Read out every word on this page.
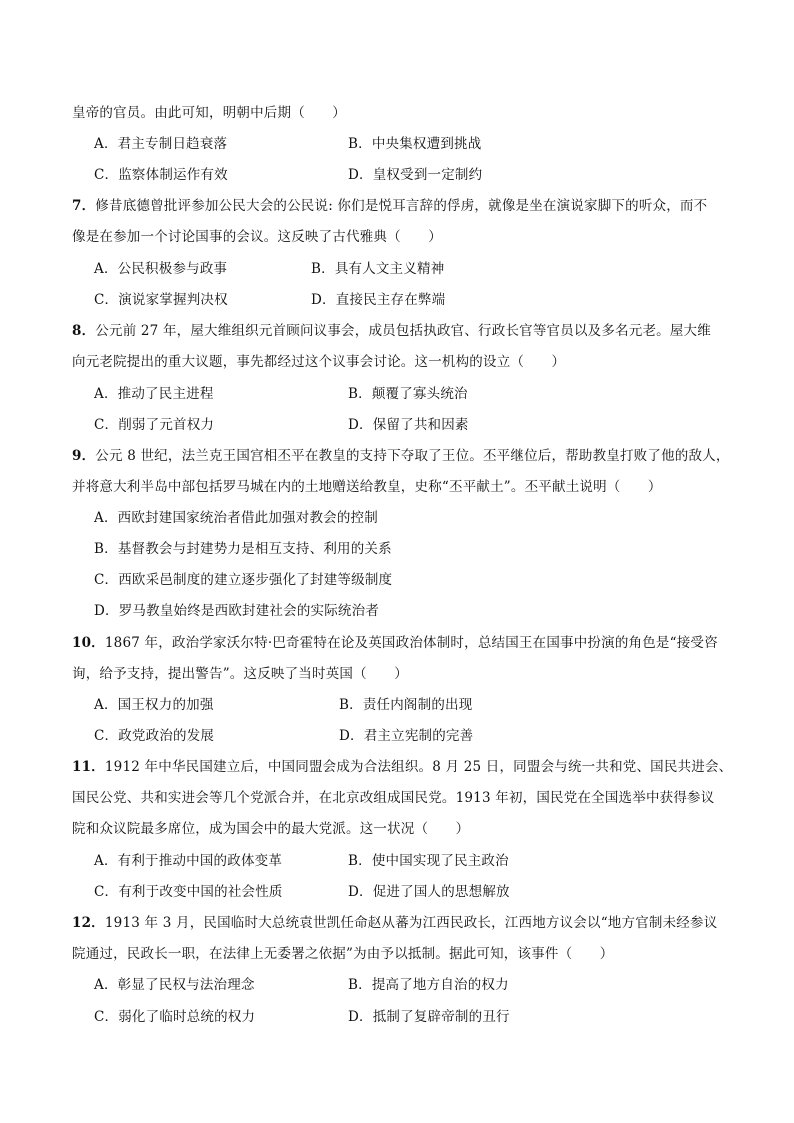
皇帝的官员。由此可知，明朝中后期（　　）
A．君主专制日趋衰落	B．中央集权遭到挑战
C．监察体制运作有效	D．皇权受到一定制约
7．修昔底德曾批评参加公民大会的公民说: 你们是悦耳言辞的俘虏，就像是坐在演说家脚下的听众，而不
像是在参加一个讨论国事的会议。这反映了古代雅典（　　）
A．公民积极参与政事	B．具有人文主义精神
C．演说家掌握判决权	D．直接民主存在弊端
8．公元前 27 年，屋大维组织元首顾问议事会，成员包括执政官、行政长官等官员以及多名元老。屋大维
向元老院提出的重大议题，事先都经过这个议事会讨论。这一机构的设立（　　）
A．推动了民主进程	B．颠覆了寡头统治
C．削弱了元首权力	D．保留了共和因素
9．公元 8 世纪，法兰克王国宫相丕平在教皇的支持下夺取了王位。丕平继位后，帮助教皇打败了他的敌人，
并将意大利半岛中部包括罗马城在内的土地赠送给教皇，史称“丕平献土”。丕平献土说明（　　）
A．西欧封建国家统治者借此加强对教会的控制
B．基督教会与封建势力是相互支持、利用的关系
C．西欧采邑制度的建立逐步强化了封建等级制度
D．罗马教皇始终是西欧封建社会的实际统治者
10．1867 年，政治学家沃尔特·巴奇霍特在论及英国政治体制时，总结国王在国事中扮演的角色是“接受咨
询，给予支持，提出警告”。这反映了当时英国（　　）
A．国王权力的加强	B．责任内阁制的出现
C．政党政治的发展	D．君主立宪制的完善
11．1912 年中华民国建立后，中国同盟会成为合法组织。8 月 25 日，同盟会与统一共和党、国民共进会、
国民公党、共和实进会等几个党派合并，在北京改组成国民党。1913 年初，国民党在全国选举中获得参议
院和众议院最多席位，成为国会中的最大党派。这一状况（　　）
A．有利于推动中国的政体变革	B．使中国实现了民主政治
C．有利于改变中国的社会性质	D．促进了国人的思想解放
12．1913 年 3 月，民国临时大总统袁世凯任命赵从蕃为江西民政长，江西地方议会以“地方官制未经参议
院通过，民政长一职，在法律上无委署之依据”为由予以抵制。据此可知，该事件（　　）
A．彰显了民权与法治理念	B．提高了地方自治的权力
C．弱化了临时总统的权力	D．抵制了复辟帝制的丑行
